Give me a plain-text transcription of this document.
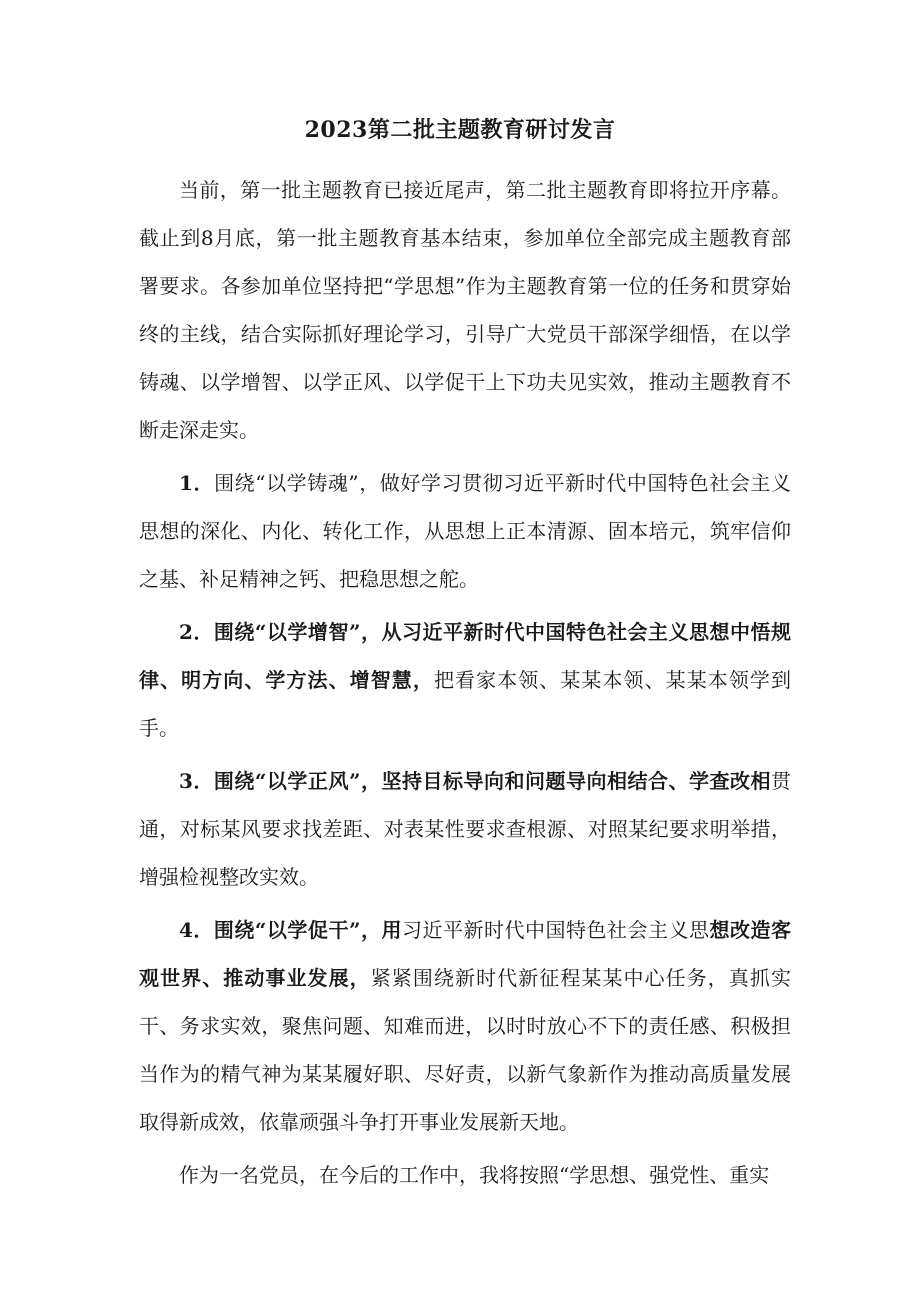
2023第二批主题教育研讨发言

当前，第一批主题教育已接近尾声，第二批主题教育即将拉开序幕。截止到8月底，第一批主题教育基本结束，参加单位全部完成主题教育部署要求。各参加单位坚持把“学思想”作为主题教育第一位的任务和贯穿始终的主线，结合实际抓好理论学习，引导广大党员干部深学细悟，在以学铸魂、以学增智、以学正风、以学促干上下功夫见实效，推动主题教育不断走深走实。

1．围绕“以学铸魂”，做好学习贯彻习近平新时代中国特色社会主义思想的深化、内化、转化工作，从思想上正本清源、固本培元，筑牢信仰之基、补足精神之钙、把稳思想之舵。

2．围绕“以学增智”，从习近平新时代中国特色社会主义思想中悟规律、明方向、学方法、增智慧，把看家本领、某某本领、某某本领学到手。

3．围绕“以学正风”，坚持目标导向和问题导向相结合、学查改相贯通，对标某风要求找差距、对表某性要求查根源、对照某纪要求明举措，增强检视整改实效。

4．围绕“以学促干”，用习近平新时代中国特色社会主义思想改造客观世界、推动事业发展，紧紧围绕新时代新征程某某中心任务，真抓实干、务求实效，聚焦问题、知难而进，以时时放心不下的责任感、积极担当作为的精气神为某某履好职、尽好责，以新气象新作为推动高质量发展取得新成效，依靠顽强斗争打开事业发展新天地。

作为一名党员，在今后的工作中，我将按照“学思想、强党性、重实
